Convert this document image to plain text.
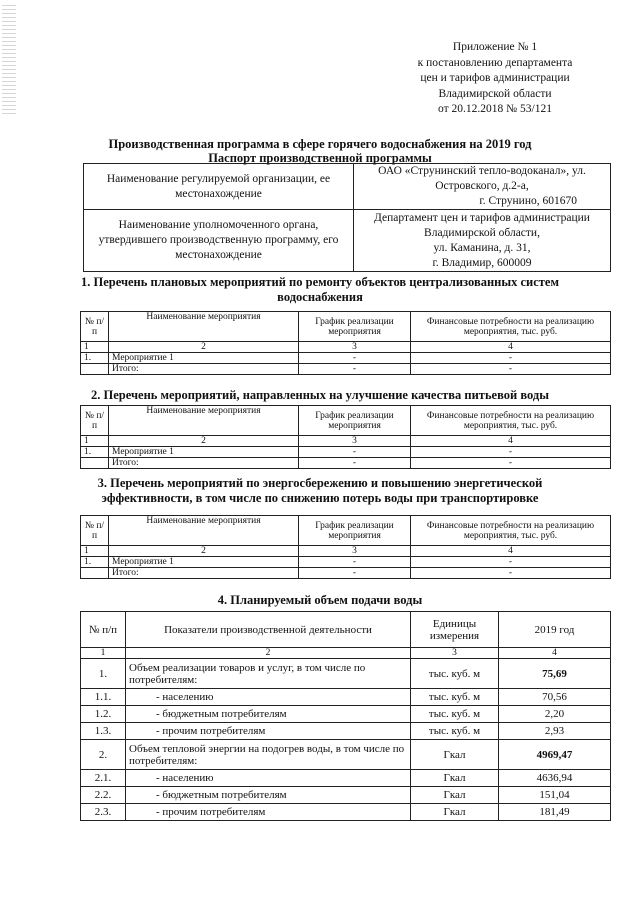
Приложение № 1
к постановлению департамента
цен и тарифов администрации
Владимирской области
от 20.12.2018 № 53/121
Производственная программа в сфере горячего водоснабжения на 2019 год
Паспорт производственной программы
Наименование регулируемой организации, ее местонахождение	ОАО «Струнинский тепло-водоканал», ул.
Островского, д.2-а,
г. Струнино, 601670

Наименование уполномоченного органа, утвердившего производственную программу, его местонахождение	Департамент цен и тарифов администрации
Владимирской области,
ул. Каманина, д. 31,
г. Владимир, 600009
1. Перечень плановых мероприятий по ремонту объектов централизованных систем
водоснабжения
№ п/п	Наименование мероприятия	График реализации мероприятия	Финансовые потребности на реализацию мероприятия, тыс. руб.
1	2	3	4
1.	Мероприятие 1	-	-
	Итого:	-	-
2. Перечень мероприятий, направленных на улучшение качества питьевой воды
№ п/п	Наименование мероприятия	График реализации мероприятия	Финансовые потребности на реализацию мероприятия, тыс. руб.
1	2	3	4
1.	Мероприятие 1	-	-
	Итого:	-	-
3. Перечень мероприятий по энергосбережению и повышению энергетической
эффективности, в том числе по снижению потерь воды при транспортировке
№ п/п	Наименование мероприятия	График реализации мероприятия	Финансовые потребности на реализацию мероприятия, тыс. руб.
1	2	3	4
1.	Мероприятие 1	-	-
	Итого:	-	-
4. Планируемый объем подачи воды
№ п/п	Показатели производственной деятельности	Единицы измерения	2019 год
1	2	3	4
1.	Объем реализации товаров и услуг, в том числе по потребителям:	тыс. куб. м	75,69
1.1.	- населению	тыс. куб. м	70,56
1.2.	- бюджетным потребителям	тыс. куб. м	2,20
1.3.	- прочим потребителям	тыс. куб. м	2,93
2.	Объем тепловой энергии на подогрев воды, в том числе по потребителям:	Гкал	4969,47
2.1.	- населению	Гкал	4636,94
2.2.	- бюджетным потребителям	Гкал	151,04
2.3.	- прочим потребителям	Гкал	181,49
